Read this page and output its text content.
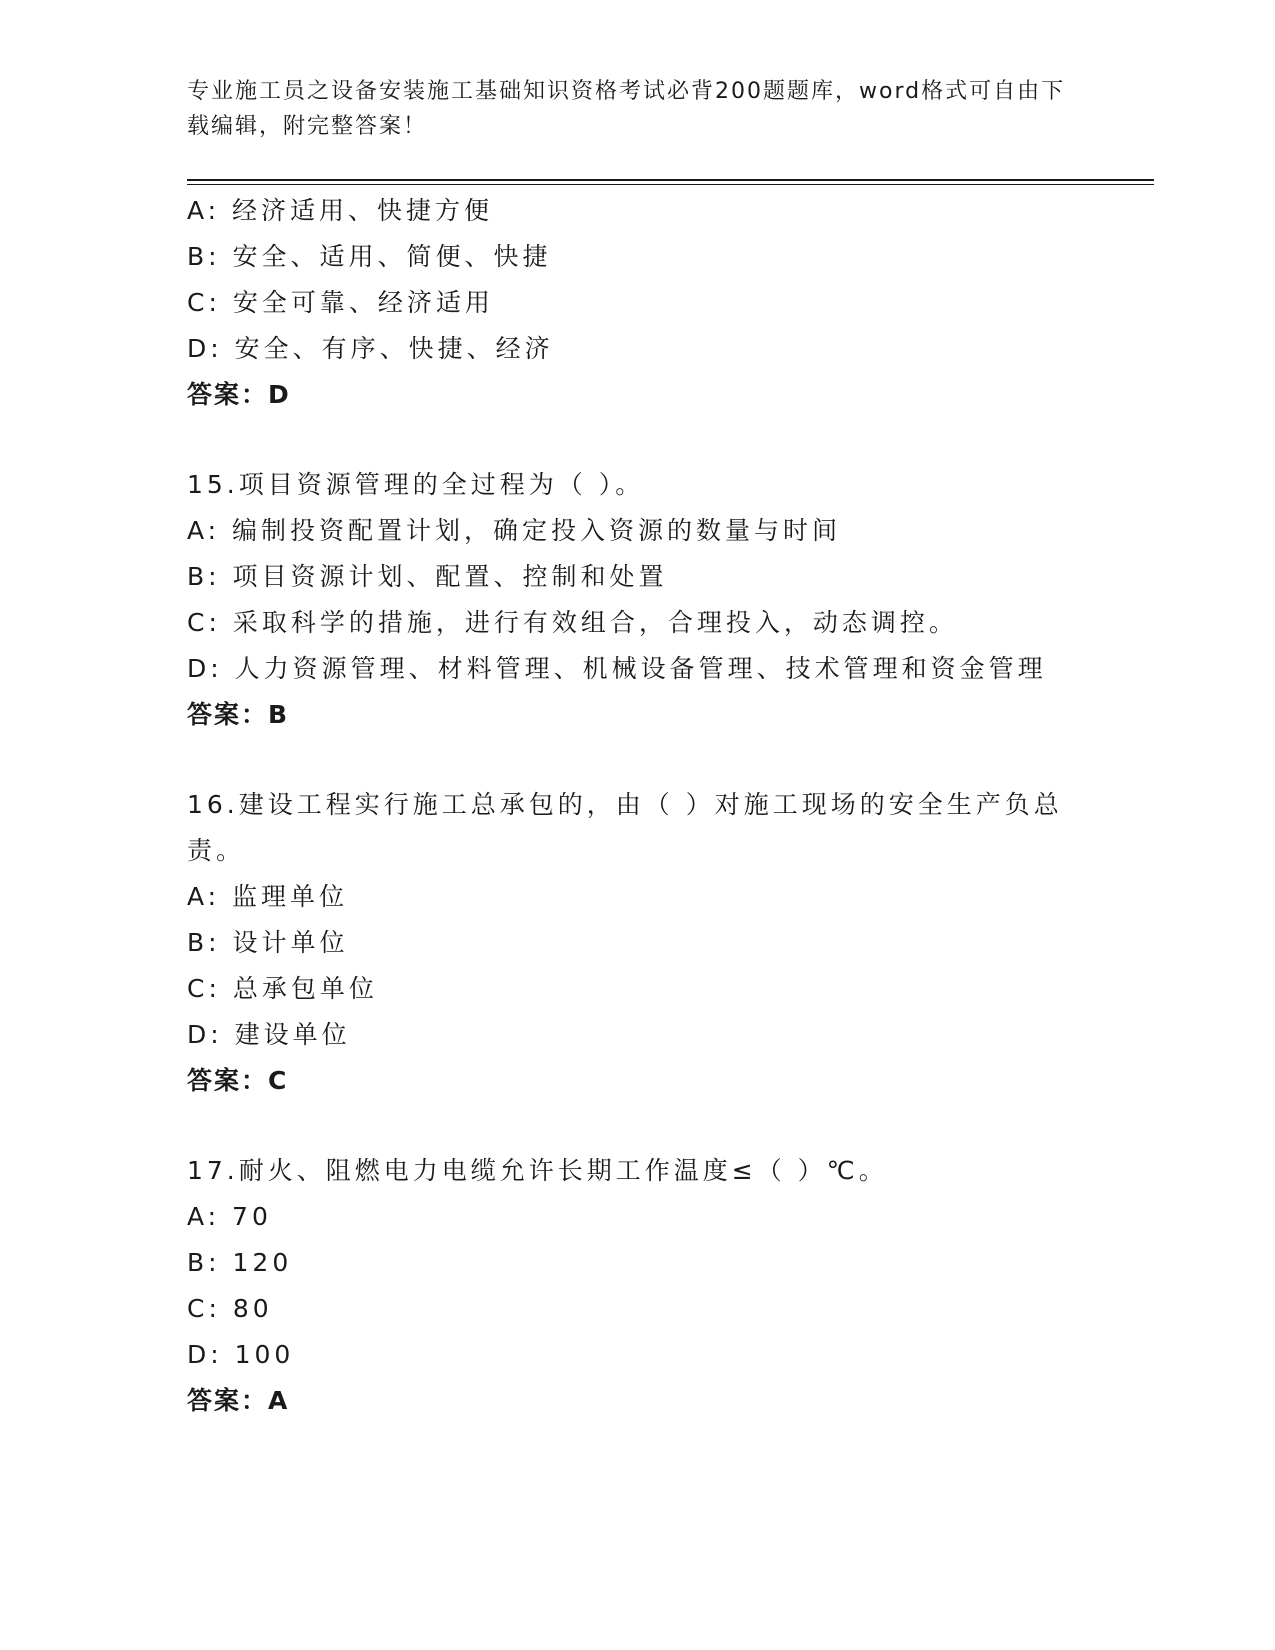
专业施工员之设备安装施工基础知识资格考试必背200题题库，word格式可自由下载编辑，附完整答案！
A: 经济适用、快捷方便
B: 安全、适用、简便、快捷
C: 安全可靠、经济适用
D: 安全、有序、快捷、经济
答案：D
15.项目资源管理的全过程为（ ）。
A: 编制投资配置计划，确定投入资源的数量与时间
B: 项目资源计划、配置、控制和处置
C: 采取科学的措施，进行有效组合，合理投入，动态调控。
D: 人力资源管理、材料管理、机械设备管理、技术管理和资金管理
答案：B
16.建设工程实行施工总承包的，由（ ）对施工现场的安全生产负总责。
A: 监理单位
B: 设计单位
C: 总承包单位
D: 建设单位
答案：C
17.耐火、阻燃电力电缆允许长期工作温度≤（ ）℃。
A: 70
B: 120
C: 80
D: 100
答案：A
